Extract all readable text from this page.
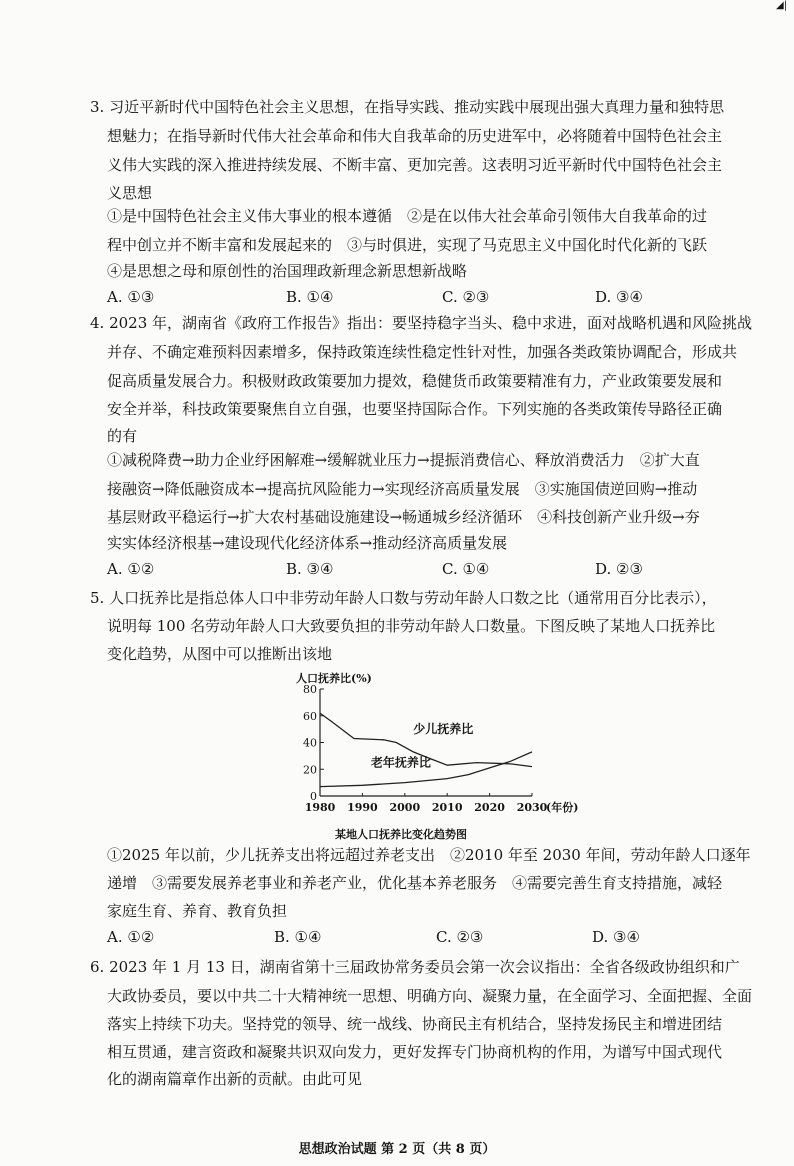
◢|
3. 习近平新时代中国特色社会主义思想，在指导实践、推动实践中展现出强大真理力量和独特思
想魅力；在指导新时代伟大社会革命和伟大自我革命的历史进军中，必将随着中国特色社会主
义伟大实践的深入推进持续发展、不断丰富、更加完善。这表明习近平新时代中国特色社会主
义思想
①是中国特色社会主义伟大事业的根本遵循　②是在以伟大社会革命引领伟大自我革命的过
程中创立并不断丰富和发展起来的　③与时俱进，实现了马克思主义中国化时代化新的飞跃
④是思想之母和原创性的治国理政新理念新思想新战略
A. ①③	B. ①④	C. ②③	D. ③④
4. 2023 年，湖南省《政府工作报告》指出：要坚持稳字当头、稳中求进，面对战略机遇和风险挑战
并存、不确定难预料因素增多，保持政策连续性稳定性针对性，加强各类政策协调配合，形成共
促高质量发展合力。积极财政政策要加力提效，稳健货币政策要精准有力，产业政策要发展和
安全并举，科技政策要聚焦自立自强，也要坚持国际合作。下列实施的各类政策传导路径正确
的有
①减税降费→助力企业纾困解难→缓解就业压力→提振消费信心、释放消费活力　②扩大直
接融资→降低融资成本→提高抗风险能力→实现经济高质量发展　③实施国债逆回购→推动
基层财政平稳运行→扩大农村基础设施建设→畅通城乡经济循环　④科技创新产业升级→夯
实实体经济根基→建设现代化经济体系→推动经济高质量发展
A. ①②	B. ③④	C. ①④	D. ②③
5. 人口抚养比是指总体人口中非劳动年龄人口数与劳动年龄人口数之比（通常用百分比表示），
说明每 100 名劳动年龄人口大致要负担的非劳动年龄人口数量。下图反映了某地人口抚养比
变化趋势，从图中可以推断出该地
0
20
40
60
80
1980 1990 2000 2010 2020 2030
人口抚养比(%)
(年份)
少儿抚养比
老年抚养比
某地人口抚养比变化趋势图
①2025 年以前，少儿抚养支出将远超过养老支出　②2010 年至 2030 年间，劳动年龄人口逐年
递增　③需要发展养老事业和养老产业，优化基本养老服务　④需要完善生育支持措施，减轻
家庭生育、养育、教育负担
A. ①②	B. ①④	C. ②③	D. ③④
6. 2023 年 1 月 13 日，湖南省第十三届政协常务委员会第一次会议指出：全省各级政协组织和广
大政协委员，要以中共二十大精神统一思想、明确方向、凝聚力量，在全面学习、全面把握、全面
落实上持续下功夫。坚持党的领导、统一战线、协商民主有机结合，坚持发扬民主和增进团结
相互贯通，建言资政和凝聚共识双向发力，更好发挥专门协商机构的作用，为谱写中国式现代
化的湖南篇章作出新的贡献。由此可见
思想政治试题 第 2 页（共 8 页）
